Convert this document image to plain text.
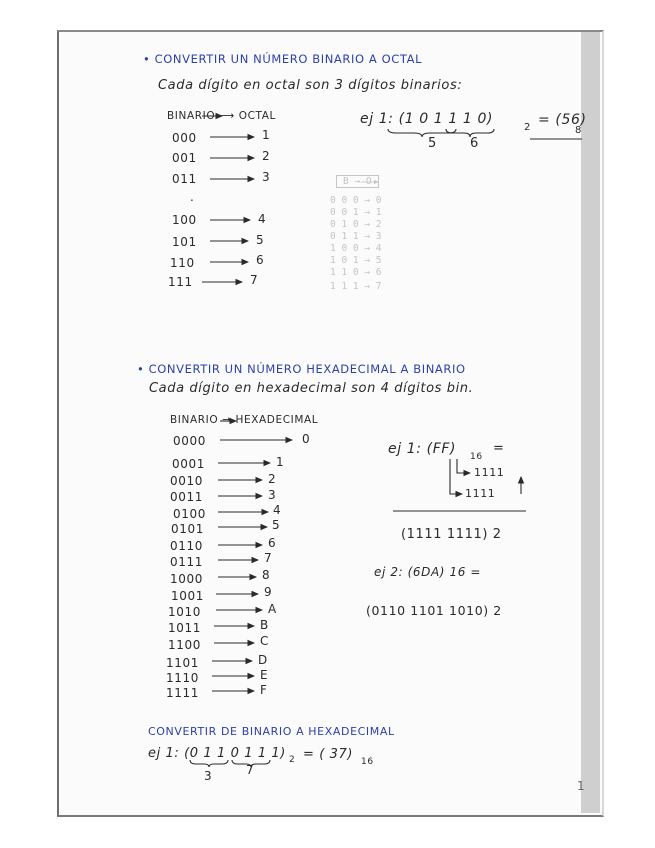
B → O
0 0 0 → 0
0 0 1 → 1
0 1 0 → 2
0 1 1 → 3
1 0 0 → 4
1 0 1 → 5
1 1 0 → 6
1 1 1 → 7
• CONVERTIR UN NÚMERO BINARIO A OCTAL
Cada dígito en octal son 3 dígitos binarios:
BINARIO ⟶ OCTAL
000	1
001	2
011	3
.
100	4
101	5
110	6
111	7
ej 1: (1 0 1 1 1 0)
2 = (56)
8
5	6
• CONVERTIR UN NÚMERO HEXADECIMAL A BINARIO
Cada dígito en hexadecimal son 4 dígitos bin.
BINARIO → HEXADECIMAL
0000	0
0001	1
0010	2
0011	3
0100	4
0101	5
0110	6
0111	7
1000	8
1001	9
1010	A
1011	B
1100	C
1101	D
1110	E
1111	F
ej 1: (FF) 16
=
1111
1111
(1111 1111) 2
ej 2: (6DA) 16 =
(0110 1101 1010) 2
CONVERTIR DE BINARIO A HEXADECIMAL
ej 1: (0 1 1 0 1 1 1) 2 = ( 37) 16
3	7
1
